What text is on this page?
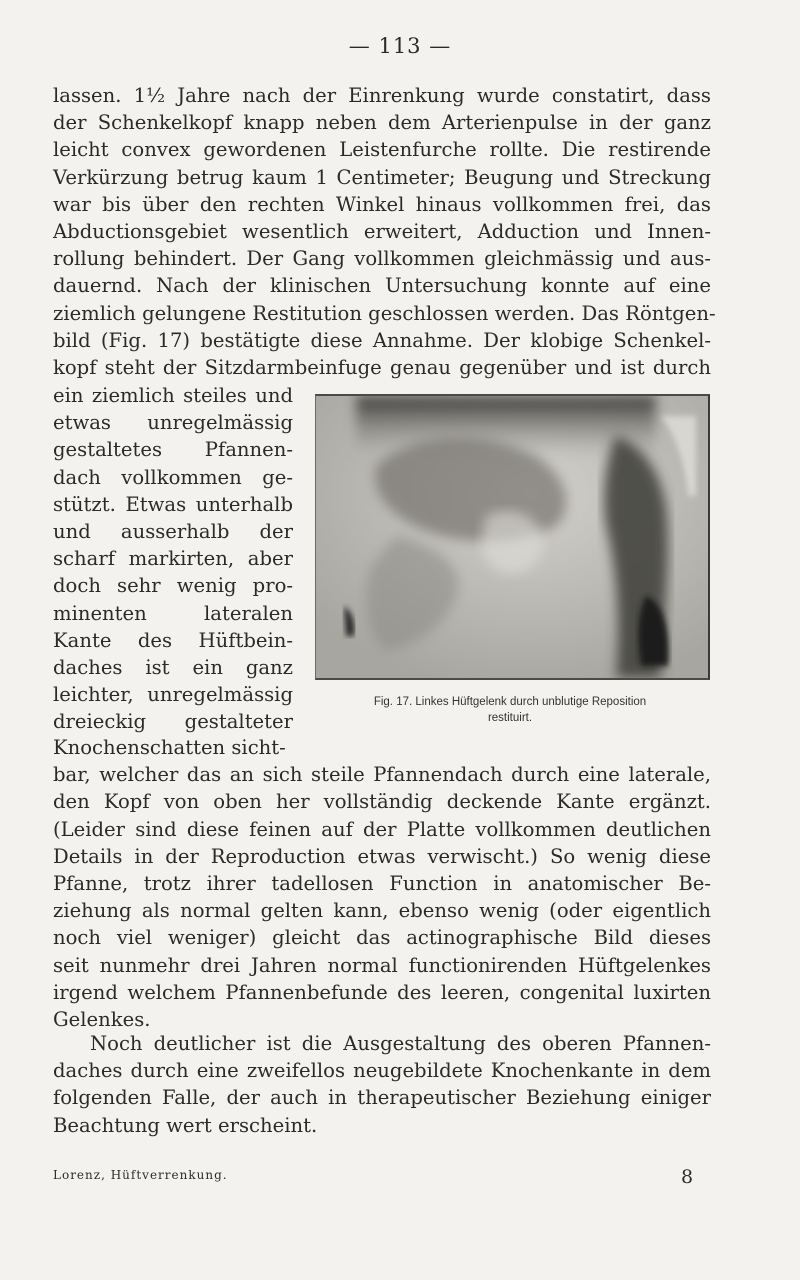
— 113 —
lassen. 1½ Jahre nach der Einrenkung wurde constatirt, dass
der Schenkelkopf knapp neben dem Arterienpulse in der ganz
leicht convex gewordenen Leistenfurche rollte. Die restirende
Verkürzung betrug kaum 1 Centimeter; Beugung und Streckung
war bis über den rechten Winkel hinaus vollkommen frei, das
Abductionsgebiet wesentlich erweitert, Adduction und Innen-
rollung behindert. Der Gang vollkommen gleichmässig und aus-
dauernd. Nach der klinischen Untersuchung konnte auf eine
ziemlich gelungene Restitution geschlossen werden. Das Röntgen-
bild (Fig. 17) bestätigte diese Annahme. Der klobige Schenkel-
kopf steht der Sitzdarmbeinfuge genau gegenüber und ist durch
ein ziemlich steiles und
etwas unregelmässig
gestaltetes Pfannen-
dach vollkommen ge-
stützt. Etwas unterhalb
und ausserhalb der
scharf markirten, aber
doch sehr wenig pro-
minenten lateralen
Kante des Hüftbein-
daches ist ein ganz
leichter, unregelmässig
dreieckig gestalteter
Fig. 17. Linkes Hüftgelenk durch unblutige Reposition
restituirt.
Knochenschatten sicht-
bar, welcher das an sich steile Pfannendach durch eine laterale,
den Kopf von oben her vollständig deckende Kante ergänzt.
(Leider sind diese feinen auf der Platte vollkommen deutlichen
Details in der Reproduction etwas verwischt.) So wenig diese
Pfanne, trotz ihrer tadellosen Function in anatomischer Be-
ziehung als normal gelten kann, ebenso wenig (oder eigentlich
noch viel weniger) gleicht das actinographische Bild dieses
seit nunmehr drei Jahren normal functionirenden Hüftgelenkes
irgend welchem Pfannenbefunde des leeren, congenital luxirten
Gelenkes.
Noch deutlicher ist die Ausgestaltung des oberen Pfannen-
daches durch eine zweifellos neugebildete Knochenkante in dem
folgenden Falle, der auch in therapeutischer Beziehung einiger
Beachtung wert erscheint.
Lorenz, Hüftverrenkung.	8
